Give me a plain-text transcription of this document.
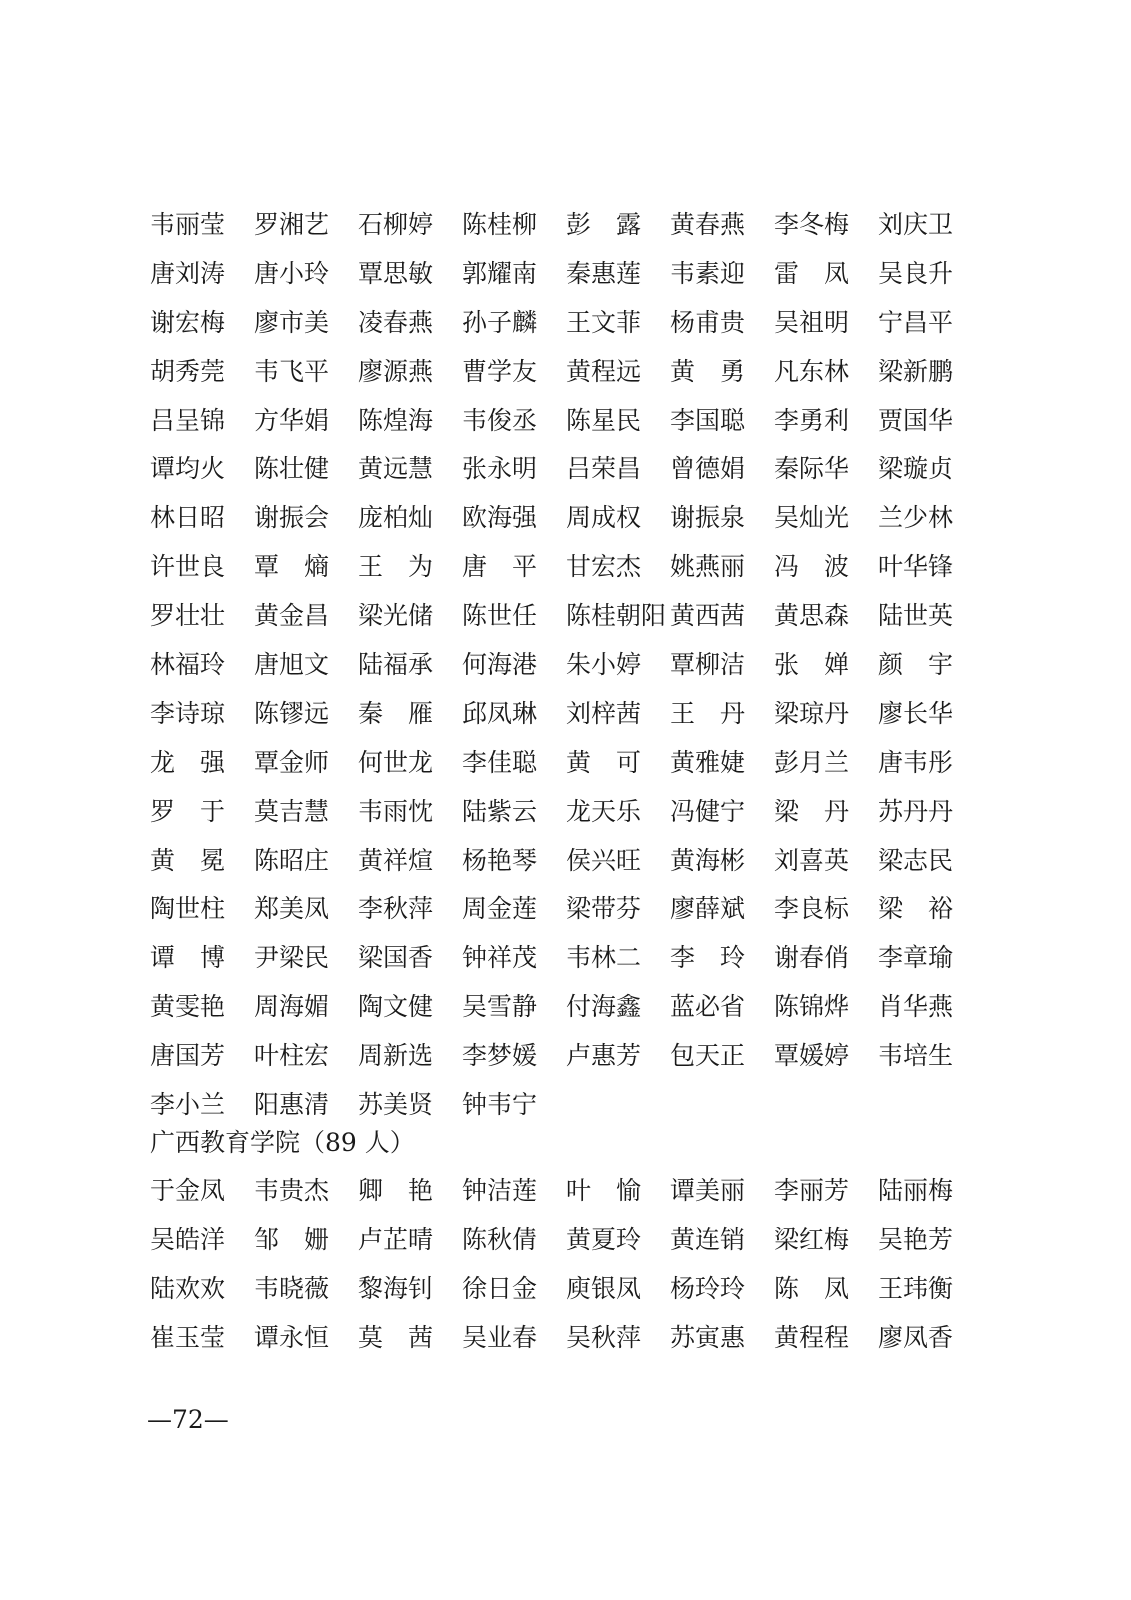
韦丽莹	罗湘艺	石柳婷	陈桂柳	彭　露	黄春燕	李冬梅	刘庆卫
唐刘涛	唐小玲	覃思敏	郭耀南	秦惠莲	韦素迎	雷　凤	吴良升
谢宏梅	廖市美	凌春燕	孙子麟	王文菲	杨甫贵	吴祖明	宁昌平
胡秀莞	韦飞平	廖源燕	曹学友	黄程远	黄　勇	凡东林	梁新鹏
吕呈锦	方华娟	陈煌海	韦俊丞	陈星民	李国聪	李勇利	贾国华
谭均火	陈壮健	黄远慧	张永明	吕荣昌	曾德娟	秦际华	梁璇贞
林日昭	谢振会	庞柏灿	欧海强	周成权	谢振泉	吴灿光	兰少林
许世良	覃　熵	王　为	唐　平	甘宏杰	姚燕丽	冯　波	叶华锋
罗壮壮	黄金昌	梁光储	陈世任	陈桂朝阳 黄西茜	黄思森	陆世英
林福玲	唐旭文	陆福承	何海港	朱小婷	覃柳洁	张　婵	颜　宇
李诗琼	陈镠远	秦　雁	邱凤琳	刘梓茜	王　丹	梁琼丹	廖长华
龙　强	覃金师	何世龙	李佳聪	黄　可	黄雅婕	彭月兰	唐韦彤
罗　于	莫吉慧	韦雨忱	陆紫云	龙天乐	冯健宁	梁　丹	苏丹丹
黄　冕	陈昭庄	黄祥煊	杨艳琴	侯兴旺	黄海彬	刘喜英	梁志民
陶世柱	郑美凤	李秋萍	周金莲	梁带芬	廖薛斌	李良标	梁　裕
谭　博	尹梁民	梁国香	钟祥茂	韦林二	李　玲	谢春俏	李章瑜
黄雯艳	周海媚	陶文健	吴雪静	付海鑫	蓝必省	陈锦烨	肖华燕
唐国芳	叶柱宏	周新选	李梦媛	卢惠芳	包天正	覃媛婷	韦培生
李小兰	阳惠清	苏美贤	钟韦宁
广西教育学院（89 人）
于金凤	韦贵杰	卿　艳	钟洁莲	叶　愉	谭美丽	李丽芳	陆丽梅
吴皓洋	邹　姗	卢芷晴	陈秋倩	黄夏玲	黄连销	梁红梅	吴艳芳
陆欢欢	韦晓薇	黎海钊	徐日金	庾银凤	杨玲玲	陈　凤	王玮衡
崔玉莹	谭永恒	莫　茜	吴业春	吴秋萍	苏寅惠	黄程程	廖凤香
—72—
